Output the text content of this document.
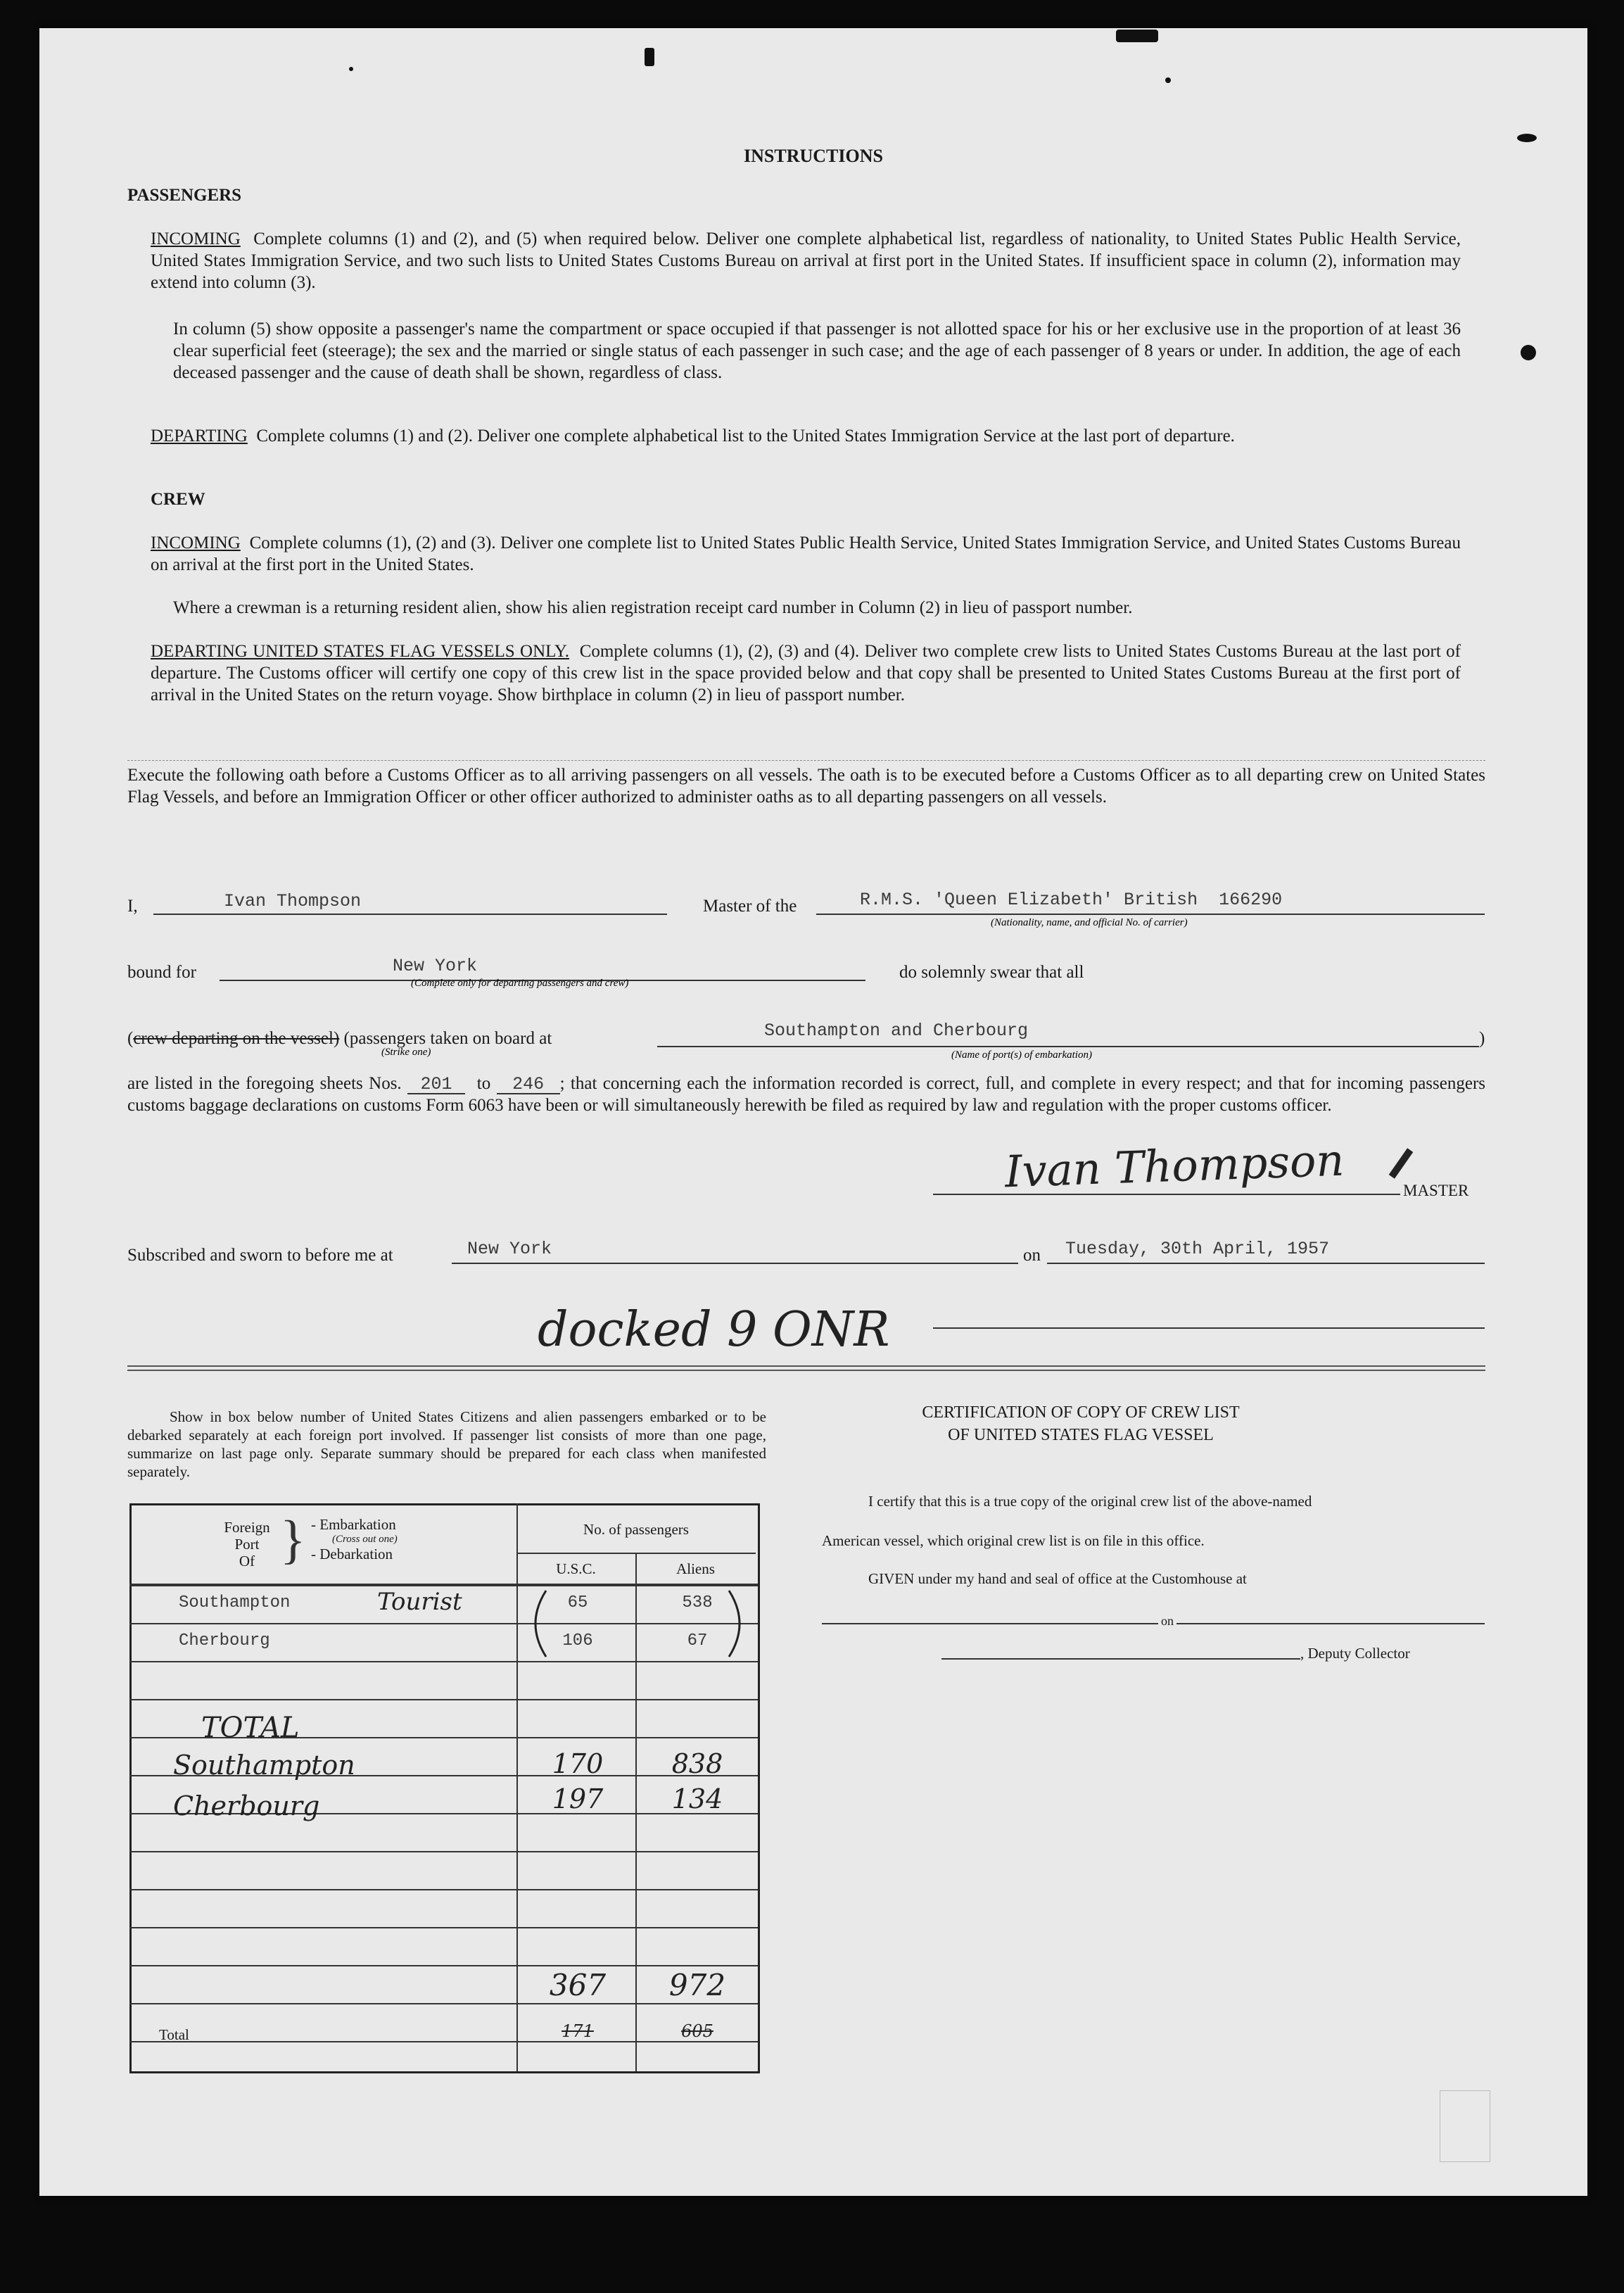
INSTRUCTIONS
PASSENGERS
INCOMING Complete columns (1) and (2), and (5) when required below. Deliver one complete alphabetical list, regardless of nationality, to United States Public Health Service, United States Immigration Service, and two such lists to United States Customs Bureau on arrival at first port in the United States. If insufficient space in column (2), information may extend into column (3).
In column (5) show opposite a passenger's name the compartment or space occupied if that passenger is not allotted space for his or her exclusive use in the proportion of at least 36 clear superficial feet (steerage); the sex and the married or single status of each passenger in such case; and the age of each passenger of 8 years or under. In addition, the age of each deceased passenger and the cause of death shall be shown, regardless of class.
DEPARTING Complete columns (1) and (2). Deliver one complete alphabetical list to the United States Immigration Service at the last port of departure.
CREW
INCOMING Complete columns (1), (2) and (3). Deliver one complete list to United States Public Health Service, United States Immigration Service, and United States Customs Bureau on arrival at the first port in the United States.
Where a crewman is a returning resident alien, show his alien registration receipt card number in Column (2) in lieu of passport number.
DEPARTING UNITED STATES FLAG VESSELS ONLY. Complete columns (1), (2), (3) and (4). Deliver two complete crew lists to United States Customs Bureau at the last port of departure. The Customs officer will certify one copy of this crew list in the space provided below and that copy shall be presented to United States Customs Bureau at the first port of arrival in the United States on the return voyage. Show birthplace in column (2) in lieu of passport number.
Execute the following oath before a Customs Officer as to all arriving passengers on all vessels. The oath is to be executed before a Customs Officer as to all departing crew on United States Flag Vessels, and before an Immigration Officer or other officer authorized to administer oaths as to all departing passengers on all vessels.
I,	Ivan Thompson	Master of the	R.M.S. 'Queen Elizabeth' British  166290
(Nationality, name, and official No. of carrier)
bound for	New York
(Complete only for departing passengers and crew)
do solemnly swear that all
(crew departing on the vessel) (passengers taken on board at
(Strike one)
Southampton and Cherbourg	)
(Name of port(s) of embarkation)
are listed in the foregoing sheets Nos. 201 to 246 ; that concerning each the information recorded is correct, full, and complete in every respect; and that for incoming passengers customs baggage declarations on customs Form 6063 have been or will simultaneously herewith be filed as required by law and regulation with the proper customs officer.
Ivan Thompson	MASTER
Subscribed and sworn to before me at	New York	on Tuesday, 30th April, 1957
docked 9 ONR
Show in box below number of United States Citizens and alien passengers embarked or to be debarked separately at each foreign port involved. If passenger list consists of more than one page, summarize on last page only. Separate summary should be prepared for each class when manifested separately.
Foreign
Port
Of } - Embarkation
(Cross out one)
- Debarkation
No. of passengers
U.S.C.	Aliens
Southampton	Tourist	65	538
Cherbourg	106	67
TOTAL
Southampton	170	838
Cherbourg	197	134
367	972
Total	171	605
CERTIFICATION OF COPY OF CREW LIST
OF UNITED STATES FLAG VESSEL
I certify that this is a true copy of the original crew list of the above-named
American vessel, which original crew list is on file in this office.
GIVEN under my hand and seal of office at the Customhouse at
on
, Deputy Collector
